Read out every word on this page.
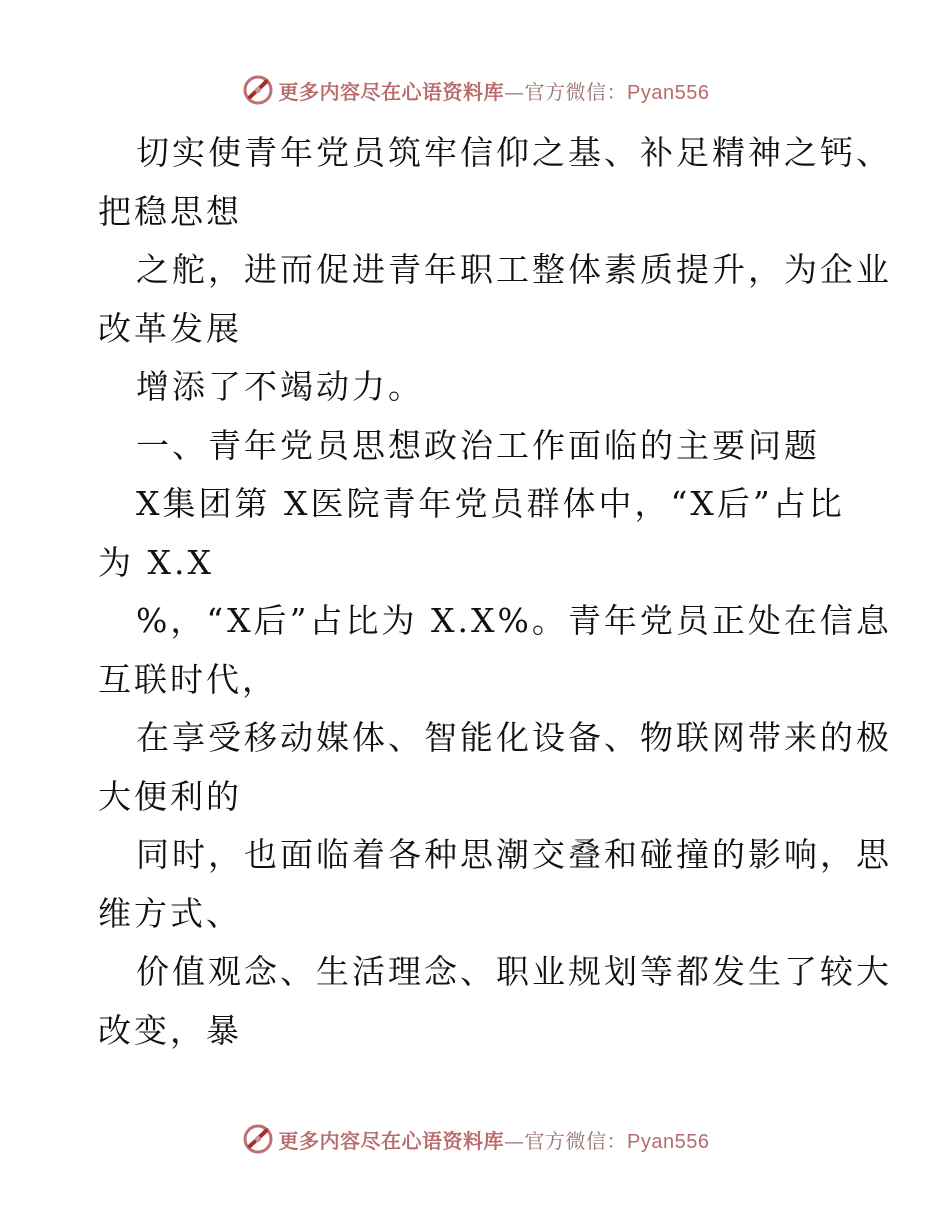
更多内容尽在心语资料库—官方微信：Pyan556
切实使青年党员筑牢信仰之基、补足精神之钙、
把稳思想
之舵，进而促进青年职工整体素质提升，为企业
改革发展
增添了不竭动力。
一、青年党员思想政治工作面临的主要问题
X集团第 X医院青年党员群体中，“X后”占比
为 X.X
%，“X后”占比为 X.X%。青年党员正处在信息
互联时代，
在享受移动媒体、智能化设备、物联网带来的极
大便利的
同时，也面临着各种思潮交叠和碰撞的影响，思
维方式、
价值观念、生活理念、职业规划等都发生了较大
改变，暴
更多内容尽在心语资料库—官方微信：Pyan556
